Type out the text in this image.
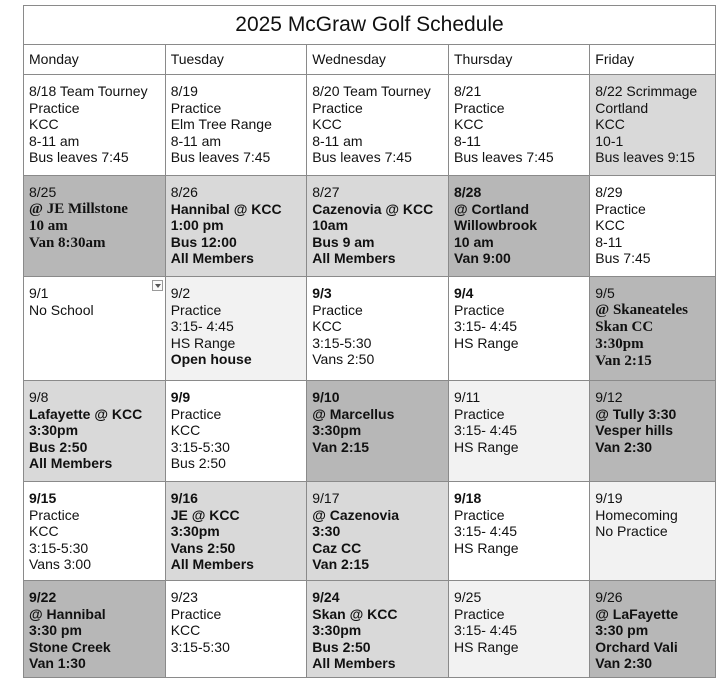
2025 McGraw Golf Schedule				
Monday	Tuesday	Wednesday	Thursday	Friday

8/18 Team Tourney
Practice
KCC
8-11 am
Bus leaves 7:45	8/19
Practice
Elm Tree Range
8-11 am
Bus leaves 7:45	8/20 Team Tourney
Practice
KCC
8-11 am
Bus leaves 7:45	8/21
Practice
KCC
8-11
Bus leaves 7:45	8/22 Scrimmage
Cortland
KCC
10-1
Bus leaves 9:15

8/25
@ JE Millstone
10 am
Van 8:30am	8/26
Hannibal @ KCC
1:00 pm
Bus 12:00
All Members	8/27
Cazenovia @ KCC
10am
Bus 9 am
All Members	8/28
@ Cortland
Willowbrook
10 am
Van 9:00	8/29
Practice
KCC
8-11
Bus 7:45

9/1
No School	9/2
Practice
3:15- 4:45
HS Range
Open house	9/3
Practice
KCC
3:15-5:30
Vans 2:50	9/4
Practice
3:15- 4:45
HS Range	9/5
@ Skaneateles
Skan CC
3:30pm
Van 2:15

9/8
Lafayette @ KCC
3:30pm
Bus 2:50
All Members	9/9
Practice
KCC
3:15-5:30
Bus 2:50	9/10
@ Marcellus
3:30pm
Van 2:15	9/11
Practice
3:15- 4:45
HS Range	9/12
@ Tully 3:30
Vesper hills
Van 2:30

9/15
Practice
KCC
3:15-5:30
Vans 3:00	9/16
JE @ KCC
3:30pm
Vans 2:50
All Members	9/17
@ Cazenovia
3:30
Caz CC
Van 2:15	9/18
Practice
3:15- 4:45
HS Range	9/19
Homecoming
No Practice

9/22
@ Hannibal
3:30 pm
Stone Creek
Van 1:30	9/23
Practice
KCC
3:15-5:30	9/24
Skan @ KCC
3:30pm
Bus 2:50
All Members	9/25
Practice
3:15- 4:45
HS Range	9/26
@ LaFayette
3:30 pm
Orchard Vali
Van 2:30
